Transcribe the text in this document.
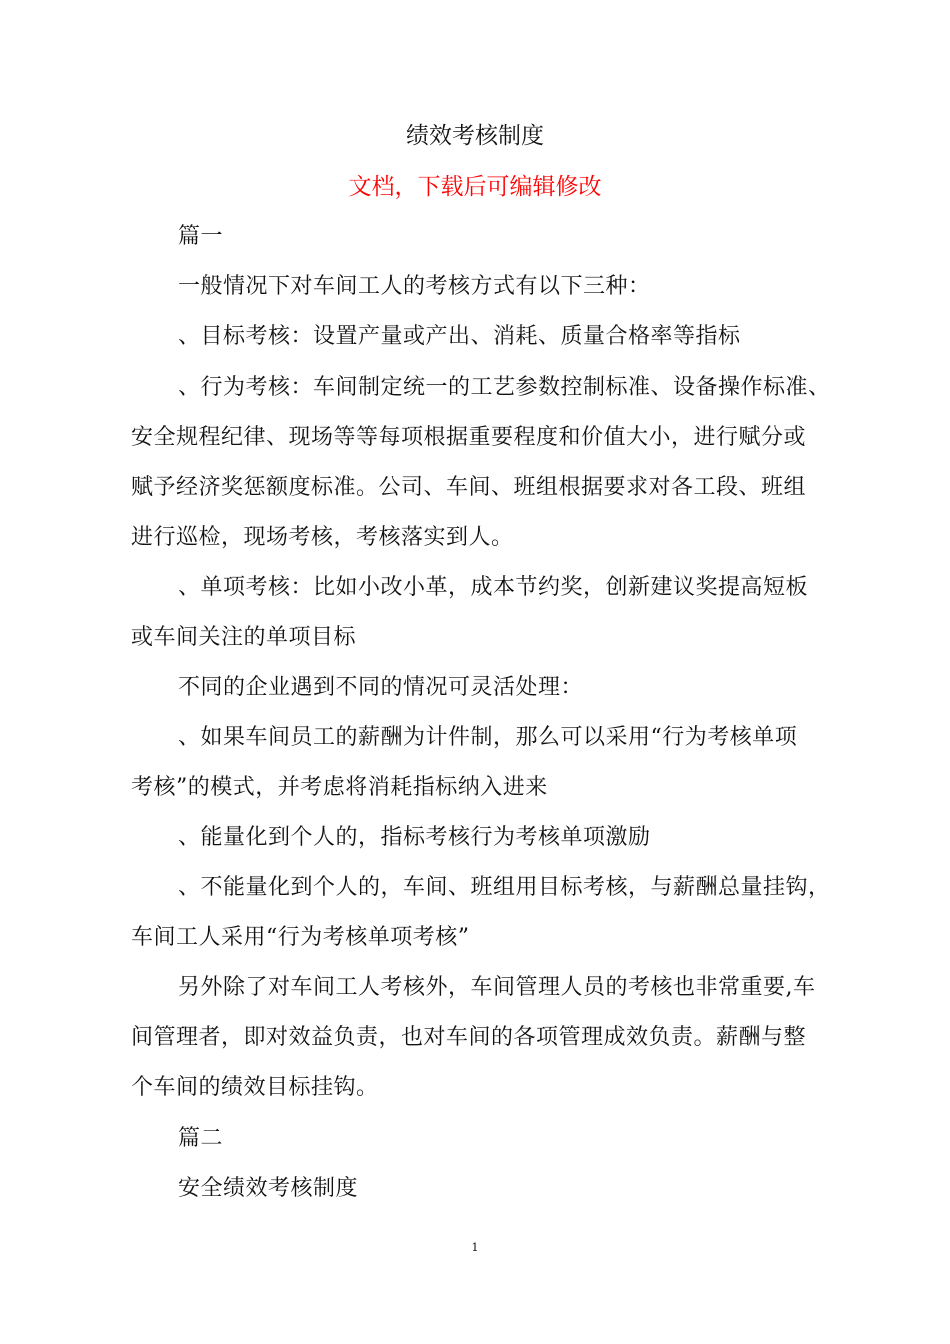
绩效考核制度
文档，下载后可编辑修改
篇一
一般情况下对车间工人的考核方式有以下三种：
、目标考核：设置产量或产出、消耗、质量合格率等指标
、行为考核：车间制定统一的工艺参数控制标准、设备操作标准、
安全规程纪律、现场等等每项根据重要程度和价值大小，进行赋分或
赋予经济奖惩额度标准。公司、车间、班组根据要求对各工段、班组
进行巡检，现场考核，考核落实到人。
、单项考核：比如小改小革，成本节约奖，创新建议奖提高短板
或车间关注的单项目标
不同的企业遇到不同的情况可灵活处理：
、如果车间员工的薪酬为计件制，那么可以采用“行为考核单项
考核”的模式，并考虑将消耗指标纳入进来
、能量化到个人的，指标考核行为考核单项激励
、不能量化到个人的，车间、班组用目标考核，与薪酬总量挂钩，
车间工人采用“行为考核单项考核”
另外除了对车间工人考核外，车间管理人员的考核也非常重要,车
间管理者，即对效益负责，也对车间的各项管理成效负责。薪酬与整
个车间的绩效目标挂钩。
篇二
安全绩效考核制度
1
